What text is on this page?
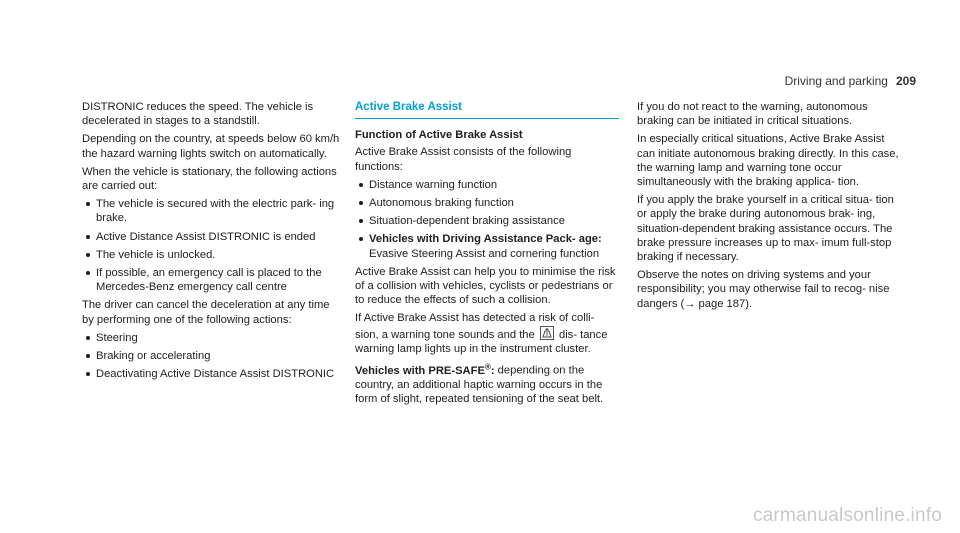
Driving and parking 209

DISTRONIC reduces the speed. The vehicle is decelerated in stages to a standstill.

Depending on the country, at speeds below 60 km/h the hazard warning lights switch on automatically.

When the vehicle is stationary, the following actions are carried out:

The vehicle is secured with the electric park- ing brake.
Active Distance Assist DISTRONIC is ended
The vehicle is unlocked.
If possible, an emergency call is placed to the Mercedes-Benz emergency call centre

The driver can cancel the deceleration at any time by performing one of the following actions:

Steering
Braking or accelerating
Deactivating Active Distance Assist DISTRONIC
Active Brake Assist
Function of Active Brake Assist

Active Brake Assist consists of the following functions:

Distance warning function
Autonomous braking function
Situation-dependent braking assistance
Vehicles with Driving Assistance Pack- age: Evasive Steering Assist and cornering function

Active Brake Assist can help you to minimise the risk of a collision with vehicles, cyclists or pedestrians or to reduce the effects of such a collision.

If Active Brake Assist has detected a risk of colli- sion, a warning tone sounds and the dis- tance warning lamp lights up in the instrument cluster.

Vehicles with PRE-SAFE®: depending on the country, an additional haptic warning occurs in the form of slight, repeated tensioning of the seat belt.

If you do not react to the warning, autonomous braking can be initiated in critical situations.

In especially critical situations, Active Brake Assist can initiate autonomous braking directly. In this case, the warning lamp and warning tone occur simultaneously with the braking applica- tion.

If you apply the brake yourself in a critical situa- tion or apply the brake during autonomous brak- ing, situation-dependent braking assistance occurs. The brake pressure increases up to max- imum full-stop braking if necessary.

Observe the notes on driving systems and your responsibility; you may otherwise fail to recog- nise dangers (→ page 187).

carmanualsonline.info
